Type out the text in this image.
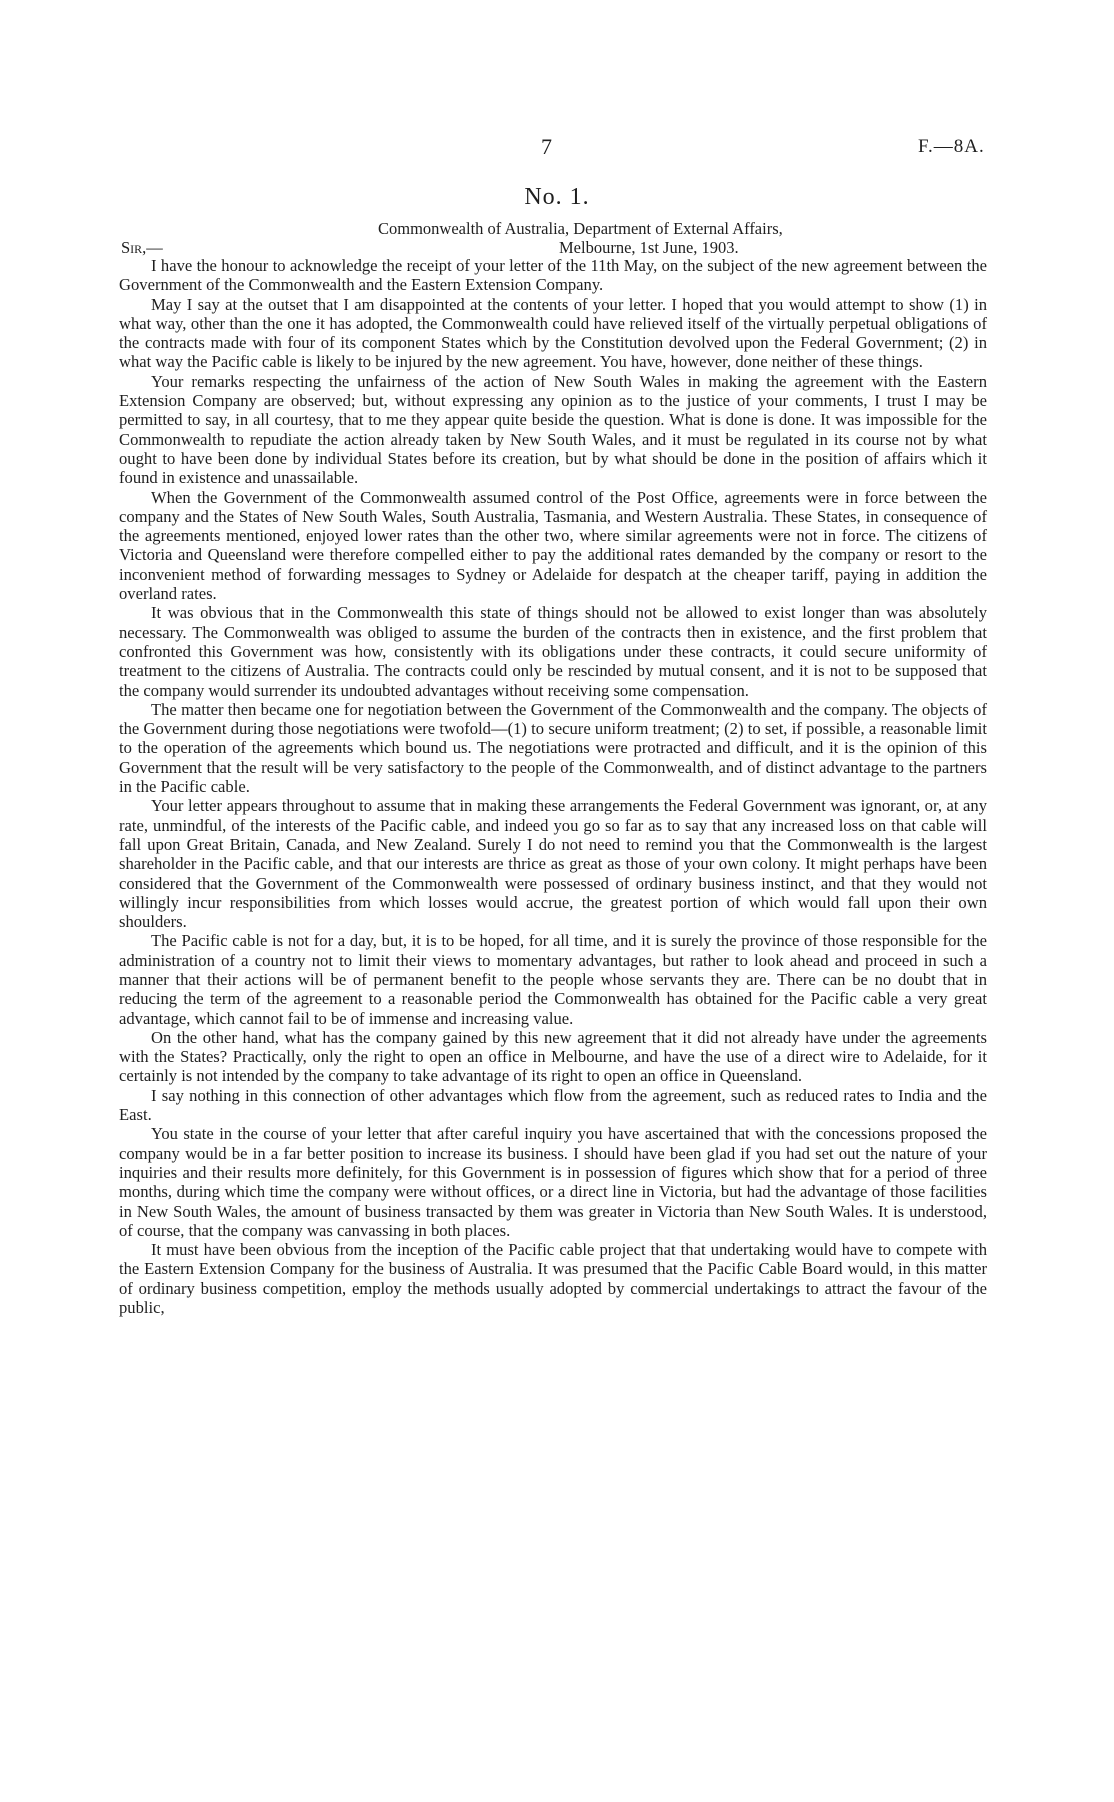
7	F.—8A.
No. 1.
Commonwealth of Australia, Department of External Affairs,
Sir,—	Melbourne, 1st June, 1903.

I have the honour to acknowledge the receipt of your letter of the 11th May, on the subject of the new agreement between the Government of the Commonwealth and the Eastern Extension Company.

May I say at the outset that I am disappointed at the contents of your letter. I hoped that you would attempt to show (1) in what way, other than the one it has adopted, the Commonwealth could have relieved itself of the virtually perpetual obligations of the contracts made with four of its component States which by the Constitution devolved upon the Federal Government; (2) in what way the Pacific cable is likely to be injured by the new agreement. You have, however, done neither of these things.

Your remarks respecting the unfairness of the action of New South Wales in making the agreement with the Eastern Extension Company are observed; but, without expressing any opinion as to the justice of your comments, I trust I may be permitted to say, in all courtesy, that to me they appear quite beside the question. What is done is done. It was impossible for the Commonwealth to repudiate the action already taken by New South Wales, and it must be regulated in its course not by what ought to have been done by individual States before its creation, but by what should be done in the position of affairs which it found in existence and unassailable.

When the Government of the Commonwealth assumed control of the Post Office, agreements were in force between the company and the States of New South Wales, South Australia, Tasmania, and Western Australia. These States, in consequence of the agreements mentioned, enjoyed lower rates than the other two, where similar agreements were not in force. The citizens of Victoria and Queensland were therefore compelled either to pay the additional rates demanded by the company or resort to the inconvenient method of forwarding messages to Sydney or Adelaide for despatch at the cheaper tariff, paying in addition the overland rates.

It was obvious that in the Commonwealth this state of things should not be allowed to exist longer than was absolutely necessary. The Commonwealth was obliged to assume the burden of the contracts then in existence, and the first problem that confronted this Government was how, consistently with its obligations under these contracts, it could secure uniformity of treatment to the citizens of Australia. The contracts could only be rescinded by mutual consent, and it is not to be supposed that the company would surrender its undoubted advantages without receiving some compensation.

The matter then became one for negotiation between the Government of the Commonwealth and the company. The objects of the Government during those negotiations were twofold—(1) to secure uniform treatment; (2) to set, if possible, a reasonable limit to the operation of the agreements which bound us. The negotiations were protracted and difficult, and it is the opinion of this Government that the result will be very satisfactory to the people of the Commonwealth, and of distinct advantage to the partners in the Pacific cable.

Your letter appears throughout to assume that in making these arrangements the Federal Government was ignorant, or, at any rate, unmindful, of the interests of the Pacific cable, and indeed you go so far as to say that any increased loss on that cable will fall upon Great Britain, Canada, and New Zealand. Surely I do not need to remind you that the Commonwealth is the largest shareholder in the Pacific cable, and that our interests are thrice as great as those of your own colony. It might perhaps have been considered that the Government of the Commonwealth were possessed of ordinary business instinct, and that they would not willingly incur responsibilities from which losses would accrue, the greatest portion of which would fall upon their own shoulders.

The Pacific cable is not for a day, but, it is to be hoped, for all time, and it is surely the province of those responsible for the administration of a country not to limit their views to momentary advantages, but rather to look ahead and proceed in such a manner that their actions will be of permanent benefit to the people whose servants they are. There can be no doubt that in reducing the term of the agreement to a reasonable period the Commonwealth has obtained for the Pacific cable a very great advantage, which cannot fail to be of immense and increasing value.

On the other hand, what has the company gained by this new agreement that it did not already have under the agreements with the States? Practically, only the right to open an office in Melbourne, and have the use of a direct wire to Adelaide, for it certainly is not intended by the company to take advantage of its right to open an office in Queensland.

I say nothing in this connection of other advantages which flow from the agreement, such as reduced rates to India and the East.

You state in the course of your letter that after careful inquiry you have ascertained that with the concessions proposed the company would be in a far better position to increase its business. I should have been glad if you had set out the nature of your inquiries and their results more definitely, for this Government is in possession of figures which show that for a period of three months, during which time the company were without offices, or a direct line in Victoria, but had the advantage of those facilities in New South Wales, the amount of business transacted by them was greater in Victoria than New South Wales. It is understood, of course, that the company was canvassing in both places.

It must have been obvious from the inception of the Pacific cable project that that undertaking would have to compete with the Eastern Extension Company for the business of Australia. It was presumed that the Pacific Cable Board would, in this matter of ordinary business competition, employ the methods usually adopted by commercial undertakings to attract the favour of the public,
